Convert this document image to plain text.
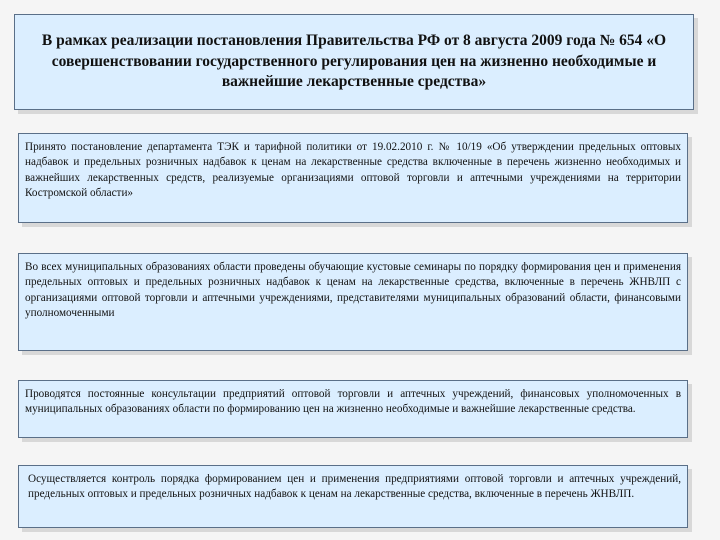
В рамках реализации постановления Правительства РФ от 8 августа 2009 года № 654 «О совершенствовании государственного регулирования цен на жизненно необходимые и важнейшие лекарственные средства»
Принято постановление департамента ТЭК и тарифной политики от 19.02.2010 г. № 10/19 «Об утверждении предельных оптовых надбавок и предельных розничных надбавок к ценам на лекарственные средства включенные в перечень жизненно необходимых и важнейших лекарственных средств, реализуемые организациями оптовой торговли и аптечными учреждениями на территории Костромской области»
Во всех муниципальных образованиях области проведены обучающие кустовые семинары по порядку формирования цен и применения предельных оптовых и предельных розничных надбавок к ценам на лекарственные средства, включенные в перечень ЖНВЛП с организациями оптовой торговли и аптечными учреждениями, представителями муниципальных образований области, финансовыми уполномоченными
Проводятся постоянные консультации предприятий оптовой торговли и аптечных учреждений, финансовых уполномоченных в муниципальных образованиях области по формированию цен на жизненно необходимые и важнейшие лекарственные средства.
Осуществляется контроль порядка формированием цен и применения предприятиями оптовой торговли и аптечных учреждений, предельных оптовых и предельных розничных надбавок к ценам на лекарственные средства, включенные в перечень ЖНВЛП.
